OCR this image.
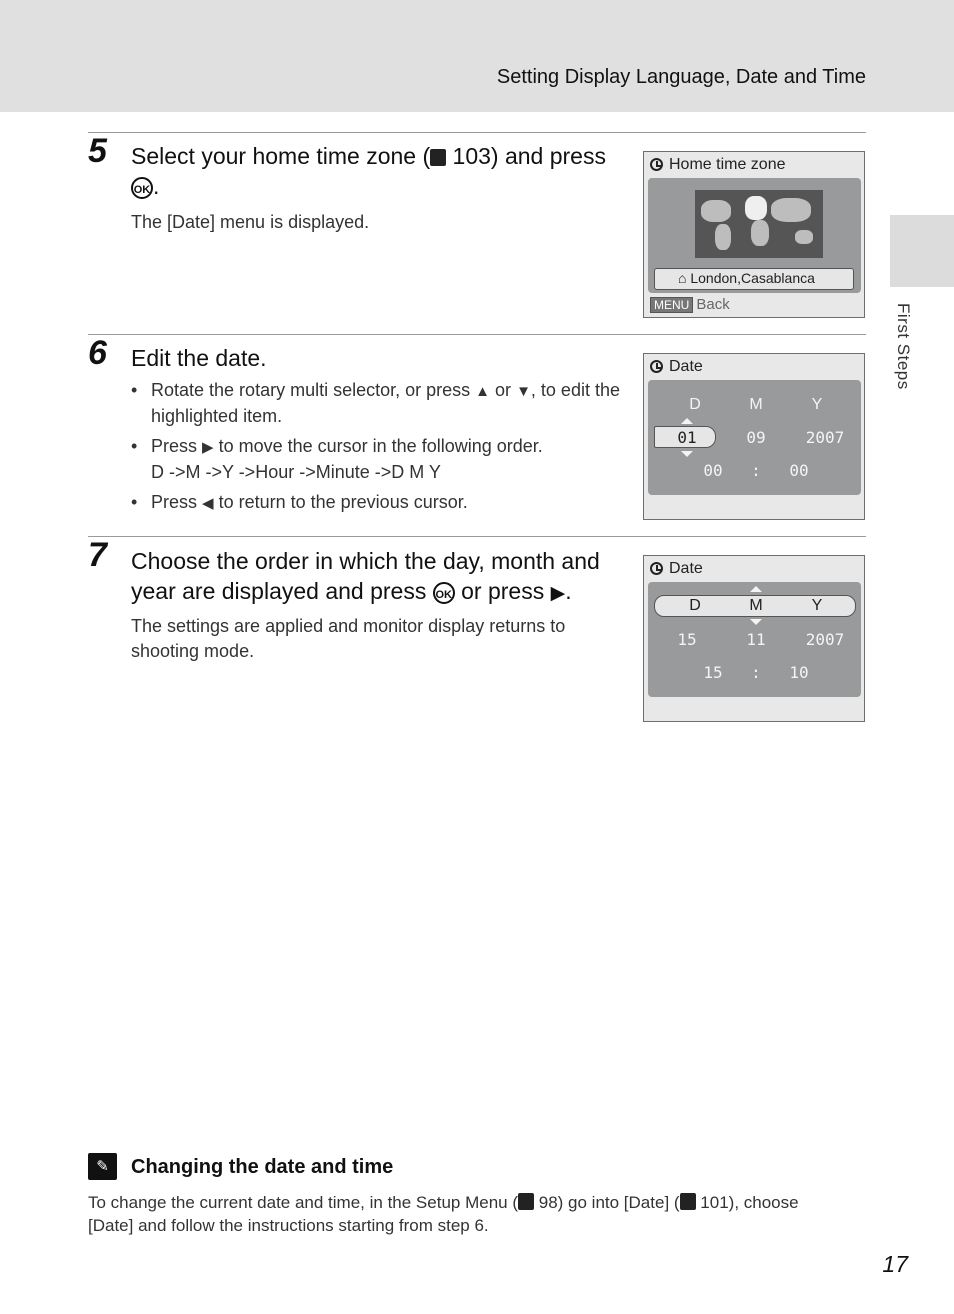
Setting Display Language, Date and Time
First Steps
5 Select your home time zone ( 103) and press
OK .
The [Date] menu is displayed.
Home time zone
⌂ London,Casablanca
MENU Back
6 Edit the date.
• Rotate the rotary multi selector, or press ▲ or ▼, to edit the highlighted item.
• Press ▶ to move the cursor in the following order.
D ->M ->Y ->Hour ->Minute ->D M Y
• Press ◀ to return to the previous cursor.
Date
D	M	Y
01	09	2007
00	:	00
7 Choose the order in which the day, month and year are displayed and press OK or press ▶.
The settings are applied and monitor display returns to shooting mode.
Date
D	M	Y
15	11	2007
15	:	10
✎	Changing the date and time
To change the current date and time, in the Setup Menu ( 98) go into [Date] ( 101), choose [Date] and follow the instructions starting from step 6.
17
